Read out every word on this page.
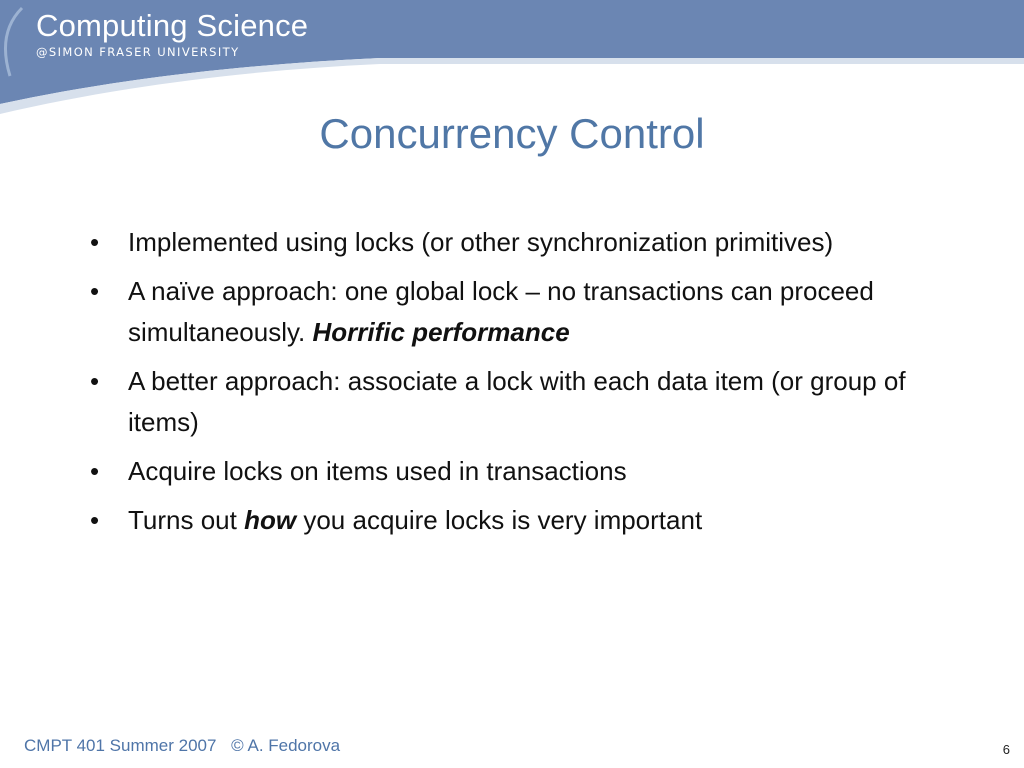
Computing Science
@SIMON FRASER UNIVERSITY
Concurrency Control
• Implemented using locks (or other synchronization primitives)
• A naïve approach: one global lock – no transactions can proceed simultaneously. Horrific performance
• A better approach: associate a lock with each data item (or group of items)
• Acquire locks on items used in transactions
• Turns out how you acquire locks is very important
CMPT 401 Summer 2007 © A. Fedorova	6
